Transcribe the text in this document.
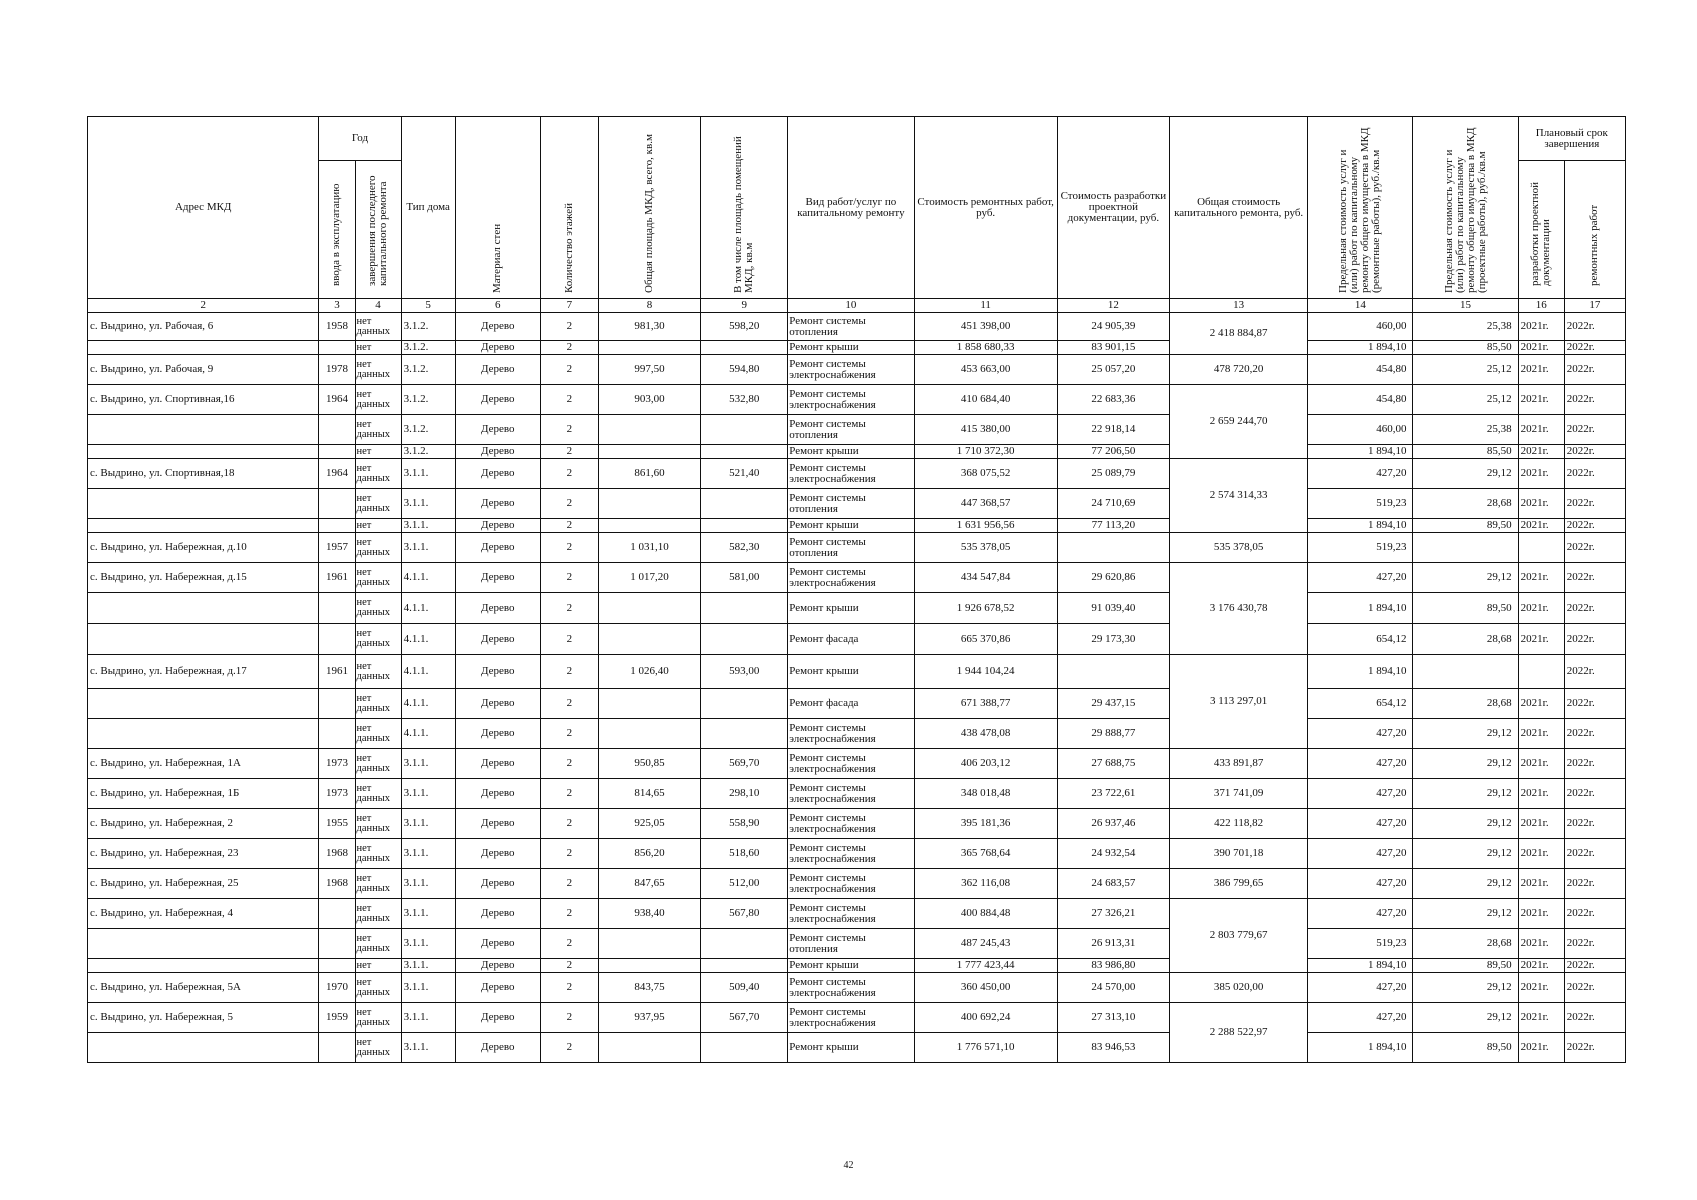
Адрес МКД	Год		Тип дома	Материал стен	Количество этажей	Общая площадь МКД, всего, кв.м	В том числе площадь помещений МКД, кв.м	Вид работ/услуг по капитальному ремонту	Стоимость ремонтных работ, руб.	Стоимость разработки проектной документации, руб.	Общая стоимость капитального ремонта, руб.	Предельная стоимость услуг и (или) работ по капитальному ремонту общего имущества в МКД (ремонтные работы), руб./кв.м	Предельная стоимость услуг и (или) работ по капитальному ремонту общего имущества в МКД (проектные работы), руб./кв.м	Плановый срок завершения	

	ввода в эксплуатацию	завершения последнего капитального ремонта												разработки проектной документации	ремонтных работ

2	3	4	5	6	7	8	9	10	11	12	13	14	15	16	17
с. Выдрино, ул. Рабочая, 6	1958	нет данных	3.1.2.	Дерево	2	981,30	598,20	Ремонт системы отопления	451 398,00	24 905,39	2 418 884,87	460,00	25,38	2021г.	2022г.
		нет	3.1.2.	Дерево	2			Ремонт крыши	1 858 680,33	83 901,15		1 894,10	85,50	2021г.	2022г.
с. Выдрино, ул. Рабочая, 9	1978	нет данных	3.1.2.	Дерево	2	997,50	594,80	Ремонт системы электроснабжения	453 663,00	25 057,20	478 720,20	454,80	25,12	2021г.	2022г.
с. Выдрино, ул. Спортивная,16	1964	нет данных	3.1.2.	Дерево	2	903,00	532,80	Ремонт системы электроснабжения	410 684,40	22 683,36	2 659 244,70	454,80	25,12	2021г.	2022г.
		нет данных	3.1.2.	Дерево	2			Ремонт системы отопления	415 380,00	22 918,14		460,00	25,38	2021г.	2022г.
		нет	3.1.2.	Дерево	2			Ремонт крыши	1 710 372,30	77 206,50		1 894,10	85,50	2021г.	2022г.
с. Выдрино, ул. Спортивная,18	1964	нет данных	3.1.1.	Дерево	2	861,60	521,40	Ремонт системы электроснабжения	368 075,52	25 089,79	2 574 314,33	427,20	29,12	2021г.	2022г.
		нет данных	3.1.1.	Дерево	2			Ремонт системы отопления	447 368,57	24 710,69		519,23	28,68	2021г.	2022г.
		нет	3.1.1.	Дерево	2			Ремонт крыши	1 631 956,56	77 113,20		1 894,10	89,50	2021г.	2022г.
с. Выдрино, ул. Набережная, д.10	1957	нет данных	3.1.1.	Дерево	2	1 031,10	582,30	Ремонт системы отопления	535 378,05		535 378,05	519,23			2022г.
с. Выдрино, ул. Набережная, д.15	1961	нет данных	4.1.1.	Дерево	2	1 017,20	581,00	Ремонт системы электроснабжения	434 547,84	29 620,86	3 176 430,78	427,20	29,12	2021г.	2022г.
		нет данных	4.1.1.	Дерево	2			Ремонт крыши	1 926 678,52	91 039,40		1 894,10	89,50	2021г.	2022г.
		нет данных	4.1.1.	Дерево	2			Ремонт фасада	665 370,86	29 173,30		654,12	28,68	2021г.	2022г.
с. Выдрино, ул. Набережная, д.17	1961	нет данных	4.1.1.	Дерево	2	1 026,40	593,00	Ремонт крыши	1 944 104,24		3 113 297,01	1 894,10			2022г.
		нет данных	4.1.1.	Дерево	2			Ремонт фасада	671 388,77	29 437,15		654,12	28,68	2021г.	2022г.
		нет данных	4.1.1.	Дерево	2			Ремонт системы электроснабжения	438 478,08	29 888,77		427,20	29,12	2021г.	2022г.
с. Выдрино, ул. Набережная, 1А	1973	нет данных	3.1.1.	Дерево	2	950,85	569,70	Ремонт системы электроснабжения	406 203,12	27 688,75	433 891,87	427,20	29,12	2021г.	2022г.
с. Выдрино, ул. Набережная, 1Б	1973	нет данных	3.1.1.	Дерево	2	814,65	298,10	Ремонт системы электроснабжения	348 018,48	23 722,61	371 741,09	427,20	29,12	2021г.	2022г.
с. Выдрино, ул. Набережная, 2	1955	нет данных	3.1.1.	Дерево	2	925,05	558,90	Ремонт системы электроснабжения	395 181,36	26 937,46	422 118,82	427,20	29,12	2021г.	2022г.
с. Выдрино, ул. Набережная, 23	1968	нет данных	3.1.1.	Дерево	2	856,20	518,60	Ремонт системы электроснабжения	365 768,64	24 932,54	390 701,18	427,20	29,12	2021г.	2022г.
с. Выдрино, ул. Набережная, 25	1968	нет данных	3.1.1.	Дерево	2	847,65	512,00	Ремонт системы электроснабжения	362 116,08	24 683,57	386 799,65	427,20	29,12	2021г.	2022г.
с. Выдрино, ул. Набережная, 4		нет данных	3.1.1.	Дерево	2	938,40	567,80	Ремонт системы электроснабжения	400 884,48	27 326,21	2 803 779,67	427,20	29,12	2021г.	2022г.
		нет данных	3.1.1.	Дерево	2			Ремонт системы отопления	487 245,43	26 913,31		519,23	28,68	2021г.	2022г.
		нет	3.1.1.	Дерево	2			Ремонт крыши	1 777 423,44	83 986,80		1 894,10	89,50	2021г.	2022г.
с. Выдрино, ул. Набережная, 5А	1970	нет данных	3.1.1.	Дерево	2	843,75	509,40	Ремонт системы электроснабжения	360 450,00	24 570,00	385 020,00	427,20	29,12	2021г.	2022г.
с. Выдрино, ул. Набережная, 5	1959	нет данных	3.1.1.	Дерево	2	937,95	567,70	Ремонт системы электроснабжения	400 692,24	27 313,10	2 288 522,97	427,20	29,12	2021г.	2022г.
		нет данных	3.1.1.	Дерево	2			Ремонт крыши	1 776 571,10	83 946,53		1 894,10	89,50	2021г.	2022г.
42
